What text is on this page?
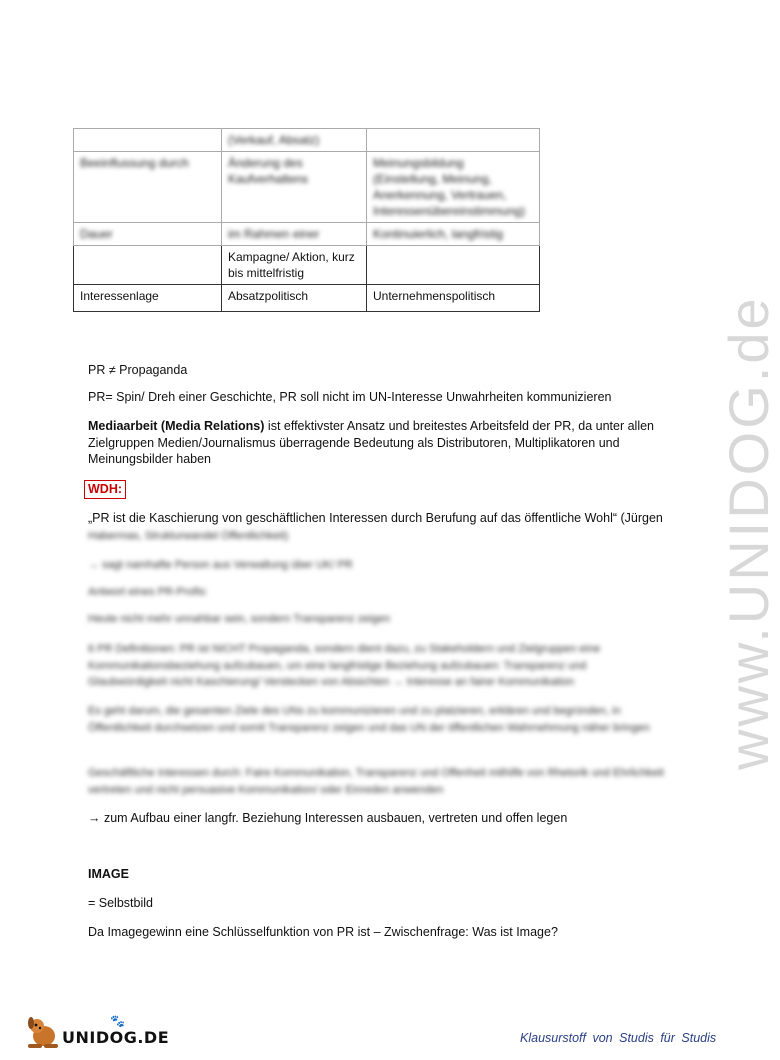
	(Verkauf, Absatz)	
Beeinflussung durch	Änderung des Kaufverhaltens	Meinungsbildung (Einstellung, Meinung, Anerkennung, Vertrauen, Interessenübereinstimmung)
Dauer	im Rahmen einer	Kontinuierlich, langfristig
	Kampagne/ Aktion, kurz bis mittelfristig	
Interessenlage	Absatzpolitisch	Unternehmenspolitisch

PR ≠ Propaganda

PR= Spin/ Dreh einer Geschichte, PR soll nicht im UN-Interesse Unwahrheiten kommunizieren

Mediaarbeit (Media Relations) ist effektivster Ansatz und breitestes Arbeitsfeld der PR, da unter allen Zielgruppen Medien/Journalismus überragende Bedeutung als Distributoren, Multiplikatoren und Meinungsbilder haben

WDH:

„PR ist die Kaschierung von geschäftlichen Interessen durch Berufung auf das öffentliche Wohl“ (Jürgen

Habermas, Strukturwandel Öffentlichkeit)

→ sagt namhafte Person aus Verwaltung über UK/ PR

Antwort eines PR-Profis:

Heute nicht mehr unnahbar sein, sondern Transparenz zeigen

6 PR Definitionen: PR ist NICHT Propaganda, sondern dient dazu, zu Stakeholdern und Zielgruppen eine Kommunikationsbeziehung aufzubauen, um eine langfristige Beziehung aufzubauen: Transparenz und Glaubwürdigkeit nicht Kaschierung/ Verstecken von Absichten → Interesse an fairer Kommunikation

Es geht darum, die gesamten Ziele des UNs zu kommunizieren und zu platzieren, erklären und begründen, in Öffentlichkeit durchsetzen und somit Transparenz zeigen und das UN der öffentlichen Wahrnehmung näher bringen

Geschäftliche Interessen durch: Faire Kommunikation, Transparenz und Offenheit mithilfe von Rhetorik und Ehrlichkeit vertreten und nicht persuasive Kommunikation/ oder Einreden anwenden

→ zum Aufbau einer langfr. Beziehung Interessen ausbauen, vertreten und offen legen

IMAGE

= Selbstbild

Da Imagegewinn eine Schlüsselfunktion von PR ist – Zwischenfrage: Was ist Image?

www.UNIDOG.de
🐾
UNIDOG.DE	Klausurstoff von Studis für Studis
